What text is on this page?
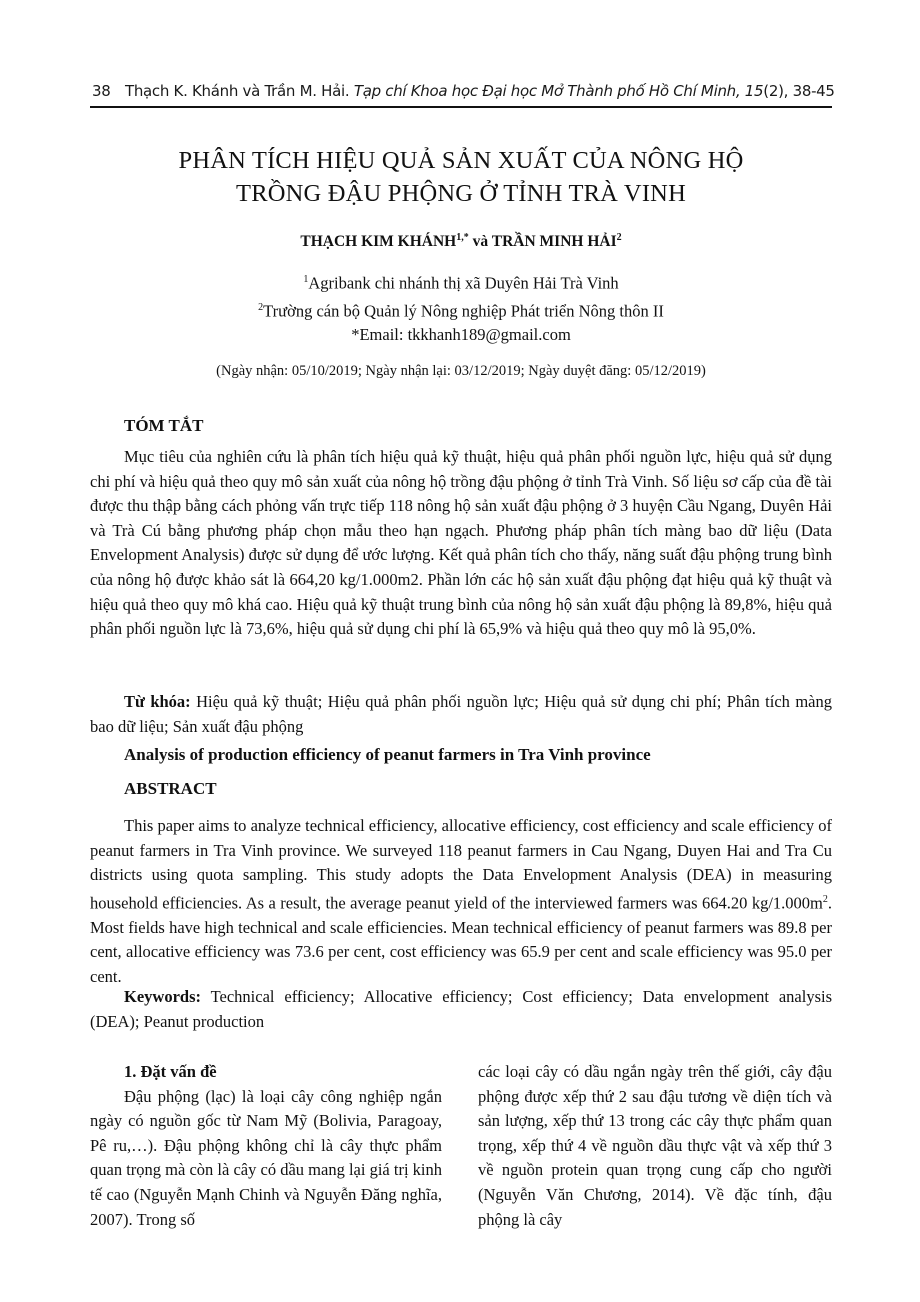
38 Thạch K. Khánh và Trần M. Hải. Tạp chí Khoa học Đại học Mở Thành phố Hồ Chí Minh, 15(2), 38-45
PHÂN TÍCH HIỆU QUẢ SẢN XUẤT CỦA NÔNG HỘ
TRỒNG ĐẬU PHỘNG Ở TỈNH TRÀ VINH
THẠCH KIM $KHÁNH^{1,*}$ và TRẦN MINH HẢI$^2$
$^1$Agribank chi nhánh thị xã Duyên Hải Trà Vinh
$^2$Trường cán bộ Quản lý Nông nghiệp Phát triển Nông thôn II
*Email: tkkhanh189@gmail.com
(Ngày nhận: 05/10/2019; Ngày nhận lại: 03/12/2019; Ngày duyệt đăng: 05/12/2019)
TÓM TẮT

Mục tiêu của nghiên cứu là phân tích hiệu quả kỹ thuật, hiệu quả phân phối nguồn lực, hiệu quả sử dụng chi phí và hiệu quả theo quy mô sản xuất của nông hộ trồng đậu phộng ở tỉnh Trà Vinh. Số liệu sơ cấp của đề tài được thu thập bằng cách phỏng vấn trực tiếp 118 nông hộ sản xuất đậu phộng ở 3 huyện Cầu Ngang, Duyên Hải và Trà Cú bằng phương pháp chọn mẫu theo hạn ngạch. Phương pháp phân tích màng bao dữ liệu (Data Envelopment Analysis) được sử dụng để ước lượng. Kết quả phân tích cho thấy, năng suất đậu phộng trung bình của nông hộ được khảo sát là 664,20 kg/1.000m2. Phần lớn các hộ sản xuất đậu phộng đạt hiệu quả kỹ thuật và hiệu quả theo quy mô khá cao. Hiệu quả kỹ thuật trung bình của nông hộ sản xuất đậu phộng là 89,8%, hiệu quả phân phối nguồn lực là 73,6%, hiệu quả sử dụng chi phí là 65,9% và hiệu quả theo quy mô là 95,0%.

Từ khóa: Hiệu quả kỹ thuật; Hiệu quả phân phối nguồn lực; Hiệu quả sử dụng chi phí; Phân tích màng bao dữ liệu; Sản xuất đậu phộng

Analysis of production efficiency of peanut farmers in Tra Vinh province
ABSTRACT

This paper aims to analyze technical efficiency, allocative efficiency, cost efficiency and scale efficiency of peanut farmers in Tra Vinh province. We surveyed 118 peanut farmers in Cau Ngang, Duyen Hai and Tra Cu districts using quota sampling. This study adopts the Data Envelopment Analysis (DEA) in measuring household efficiencies. As a result, the average peanut yield of the interviewed farmers was 664.20 $kg/1.000m^2$. Most fields have high technical and scale efficiencies. Mean technical efficiency of peanut farmers was 89.8 per cent, allocative efficiency was 73.6 per cent, cost efficiency was 65.9 per cent and scale efficiency was 95.0 per cent.

Keywords: Technical efficiency; Allocative efficiency; Cost efficiency; Data envelopment analysis (DEA); Peanut production

1. Đặt vấn đề

Đậu phộng (lạc) là loại cây công nghiệp ngắn ngày có nguồn gốc từ Nam Mỹ (Bolivia, Paragoay, Pê ru,…). Đậu phộng không chỉ là cây thực phẩm quan trọng mà còn là cây có dầu mang lại giá trị kinh tế cao (Nguyễn Mạnh Chinh và Nguyễn Đăng nghĩa, 2007). Trong số

các loại cây có dầu ngắn ngày trên thế giới, cây đậu phộng được xếp thứ 2 sau đậu tương về diện tích và sản lượng, xếp thứ 13 trong các cây thực phẩm quan trọng, xếp thứ 4 về nguồn dầu thực vật và xếp thứ 3 về nguồn protein quan trọng cung cấp cho người (Nguyễn Văn Chương, 2014). Về đặc tính, đậu phộng là cây
